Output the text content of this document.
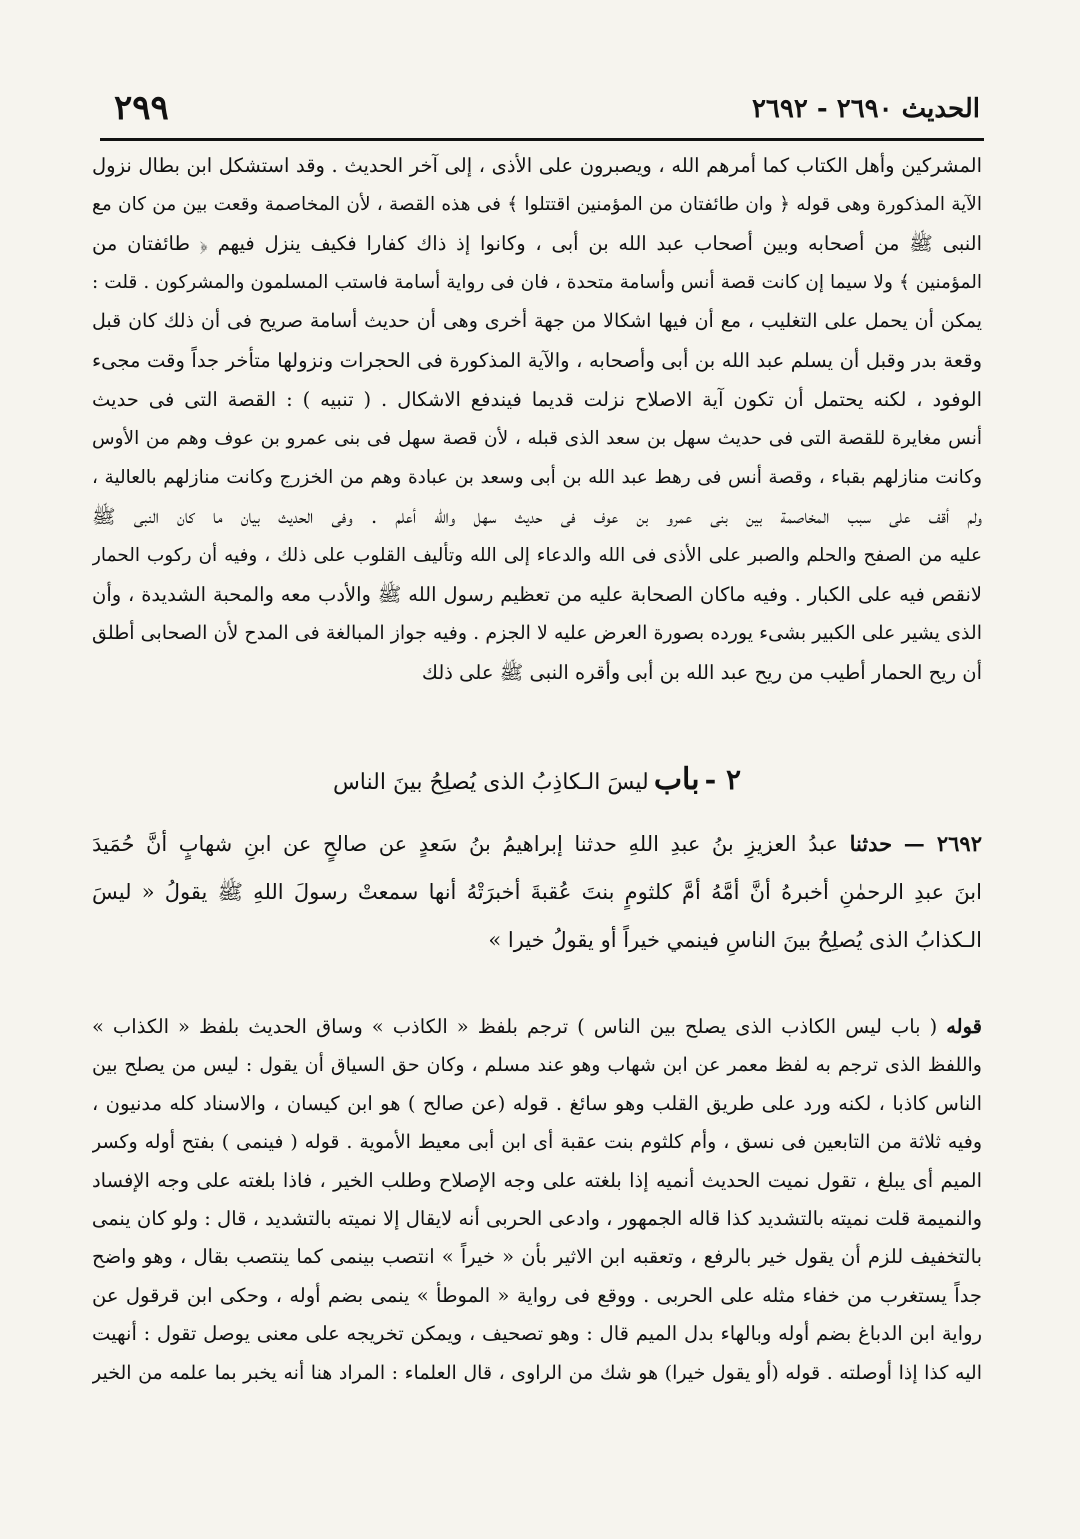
الحديث ٢٦٩٠ - ٢٦٩٢
٢٩٩
المشركين وأهل الكتاب كما أمرهم الله ، ويصبرون على الأذى ، إلى آخر الحديث . وقد استشكل ابن بطال نزول
الآية المذكورة وهى قوله ﴿ وان طائفتان من المؤمنين اقتتلوا ﴾ فى هذه القصة ، لأن المخاصمة وقعت بين من كان مع
النبى ﷺ من أصحابه وبين أصحاب عبد الله بن أبى ، وكانوا إذ ذاك كفارا فكيف ينزل فيهم ﴿ طائفتان من
المؤمنين ﴾ ولا سيما إن كانت قصة أنس وأسامة متحدة ، فان فى رواية أسامة فاستب المسلمون والمشركون . قلت :
يمكن أن يحمل على التغليب ، مع أن فيها اشكالا من جهة أخرى وهى أن حديث أسامة صريح فى أن ذلك كان قبل
وقعة بدر وقبل أن يسلم عبد الله بن أبى وأصحابه ، والآية المذكورة فى الحجرات ونزولها متأخر جداً وقت مجىء
الوفود ، لكنه يحتمل أن تكون آية الاصلاح نزلت قديما فيندفع الاشكال . ( تنبيه ) : القصة التى فى حديث
أنس مغايرة للقصة التى فى حديث سهل بن سعد الذى قبله ، لأن قصة سهل فى بنى عمرو بن عوف وهم من الأوس
وكانت منازلهم بقباء ، وقصة أنس فى رهط عبد الله بن أبى وسعد بن عبادة وهم من الخزرج وكانت منازلهم بالعالية ،
ولم أقف على سبب المخاصمة بين بنى عمرو بن عوف فى حديث سهل والله أعلم . وفى الحديث بيان ما كان النبى ﷺ
عليه من الصفح والحلم والصبر على الأذى فى الله والدعاء إلى الله وتأليف القلوب على ذلك ، وفيه أن ركوب الحمار
لانقص فيه على الكبار . وفيه ماكان الصحابة عليه من تعظيم رسول الله ﷺ والأدب معه والمحبة الشديدة ، وأن
الذى يشير على الكبير بشىء يورده بصورة العرض عليه لا الجزم . وفيه جواز المبالغة فى المدح لأن الصحابى أطلق
أن ريح الحمار أطيب من ريح عبد الله بن أبى وأقره النبى ﷺ على ذلك
٢ - باب ليسَ الـكاذِبُ الذى يُصلِحُ بينَ الناس
٢٦٩٢ — حدثنا عبدُ العزيزِ بنُ عبدِ اللهِ حدثنا إبراهيمُ بنُ سَعدٍ عن صالحٍ عن ابنِ شهابٍ أنَّ حُمَيدَ
ابنَ عبدِ الرحمٰنِ أخبرهُ أنَّ أمَّهُ أمَّ كلثومٍ بنتَ عُقبةَ أخبرَتْهُ أنها سمعتْ رسولَ اللهِ ﷺ يقولُ « ليسَ
الـكذابُ الذى يُصلِحُ بينَ الناسِ فينمي خيراً أو يقولُ خيرا »
قوله ( باب ليس الكاذب الذى يصلح بين الناس ) ترجم بلفظ « الكاذب » وساق الحديث بلفظ « الكذاب »
واللفظ الذى ترجم به لفظ معمر عن ابن شهاب وهو عند مسلم ، وكان حق السياق أن يقول : ليس من يصلح بين
الناس كاذبا ، لكنه ورد على طريق القلب وهو سائغ . قوله (عن صالح ) هو ابن كيسان ، والاسناد كله مدنيون ،
وفيه ثلاثة من التابعين فى نسق ، وأم كلثوم بنت عقبة أى ابن أبى معيط الأموية . قوله ( فينمى ) بفتح أوله وكسر
الميم أى يبلغ ، تقول نميت الحديث أنميه إذا بلغته على وجه الإصلاح وطلب الخير ، فاذا بلغته على وجه الإفساد
والنميمة قلت نميته بالتشديد كذا قاله الجمهور ، وادعى الحربى أنه لايقال إلا نميته بالتشديد ، قال : ولو كان ينمى
بالتخفيف للزم أن يقول خير بالرفع ، وتعقبه ابن الاثير بأن « خيراً » انتصب بينمى كما ينتصب بقال ، وهو واضح
جداً يستغرب من خفاء مثله على الحربى . ووقع فى رواية « الموطأ » ينمى بضم أوله ، وحكى ابن قرقول عن
رواية ابن الدباغ بضم أوله وبالهاء بدل الميم قال : وهو تصحيف ، ويمكن تخريجه على معنى يوصل تقول : أنهيت
اليه كذا إذا أوصلته . قوله (أو يقول خيرا) هو شك من الراوى ، قال العلماء : المراد هنا أنه يخبر بما علمه من الخير
